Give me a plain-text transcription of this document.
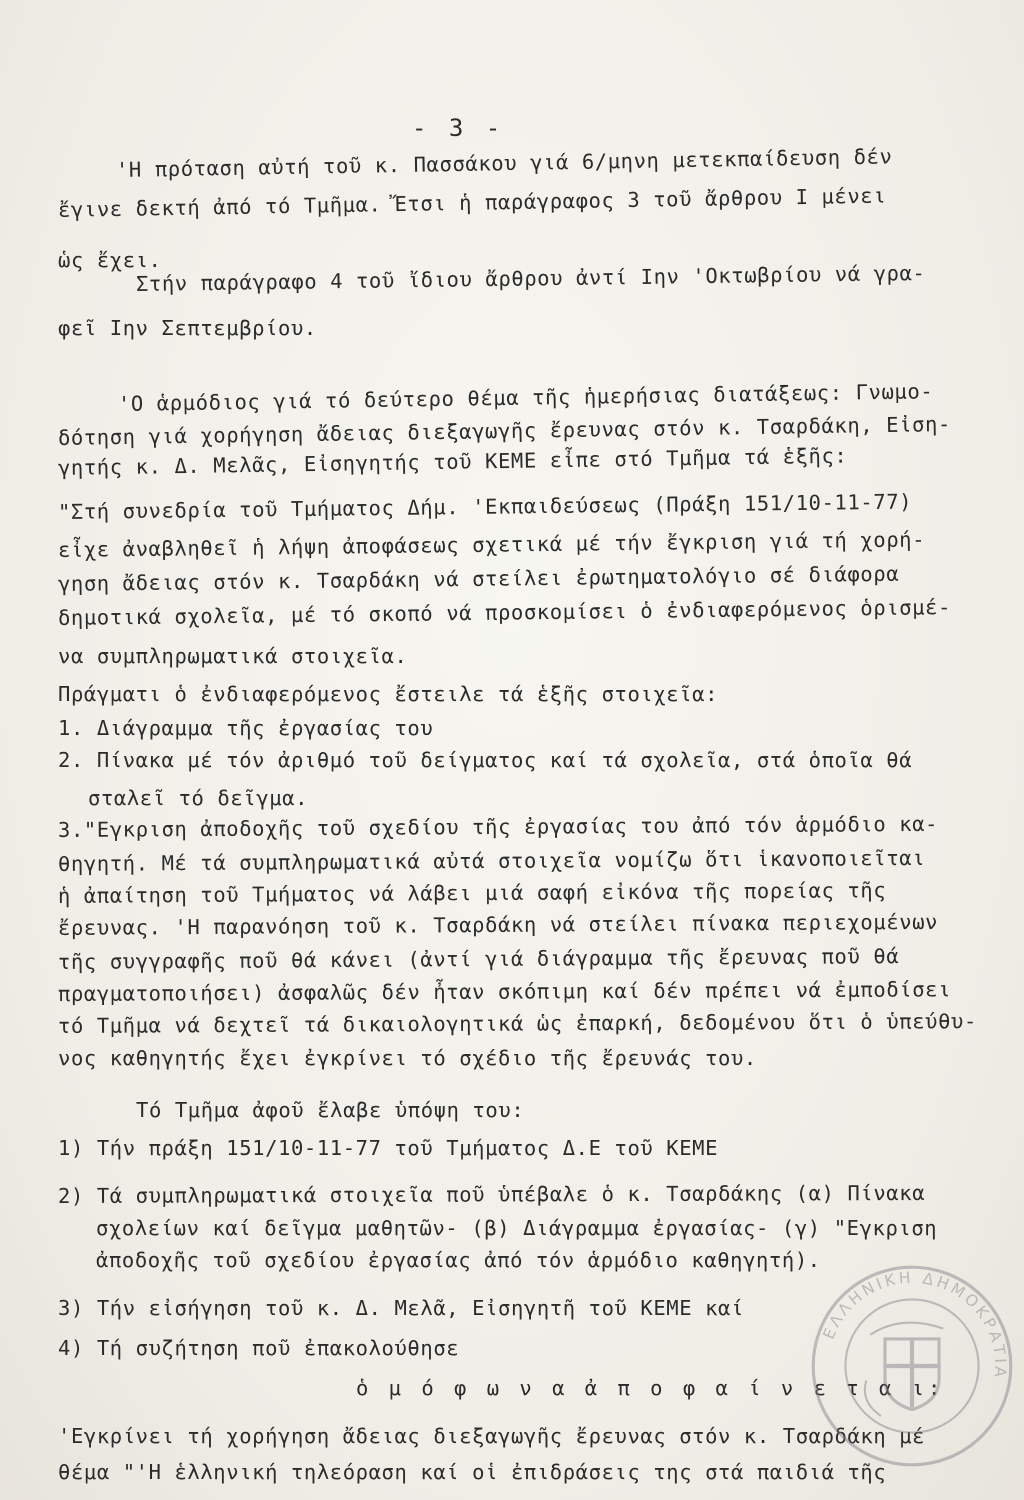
- 3 -
'Η πρόταση αὐτή τοῦ κ. Πασσάκου γιά 6/μηνη μετεκπαίδευση δέν
ἔγινε δεκτή ἀπό τό Τμῆμα. Ἔτσι ἡ παράγραφος 3 τοῦ ἄρθρου Ι μένει
ὡς ἔχει.
Στήν παράγραφο 4 τοῦ ἴδιου ἄρθρου ἀντί Ιην 'Οκτωβρίου νά γρα-
φεῖ Ιην Σεπτεμβρίου.
'Ο ἁρμόδιος γιά τό δεύτερο θέμα τῆς ἡμερήσιας διατάξεως: Γνωμο-
δότηση γιά χορήγηση ἄδειας διεξαγωγῆς ἔρευνας στόν κ. Τσαρδάκη, Εἰση-
γητής κ. Δ. Μελᾶς, Εἰσηγητής τοῦ ΚΕΜΕ εἶπε στό Τμῆμα τά ἑξῆς:
"Στή συνεδρία τοῦ Τμήματος Δήμ. 'Εκπαιδεύσεως (Πράξη 151/10-11-77)
εἶχε ἀναβληθεῖ ἡ λήψη ἀποφάσεως σχετικά μέ τήν ἔγκριση γιά τή χορή-
γηση ἄδειας στόν κ. Τσαρδάκη νά στείλει ἐρωτηματολόγιο σέ διάφορα
δημοτικά σχολεῖα, μέ τό σκοπό νά προσκομίσει ὁ ἐνδιαφερόμενος ὁρισμέ-
να συμπληρωματικά στοιχεῖα.
Πράγματι ὁ ἐνδιαφερόμενος ἔστειλε τά ἑξῆς στοιχεῖα:
1. Διάγραμμα τῆς ἐργασίας του
2. Πίνακα μέ τόν ἀριθμό τοῦ δείγματος καί τά σχολεῖα, στά ὁποῖα θά
σταλεῖ τό δεῖγμα.
3."Εγκριση ἀποδοχῆς τοῦ σχεδίου τῆς ἐργασίας του ἀπό τόν ἁρμόδιο κα-
θηγητή. Μέ τά συμπληρωματικά αὐτά στοιχεῖα νομίζω ὅτι ἱκανοποιεῖται
ἡ ἀπαίτηση τοῦ Τμήματος νά λάβει μιά σαφή εἰκόνα τῆς πορείας τῆς
ἔρευνας. 'Η παρανόηση τοῦ κ. Τσαρδάκη νά στείλει πίνακα περιεχομένων
τῆς συγγραφῆς ποῦ θά κάνει (ἀντί γιά διάγραμμα τῆς ἔρευνας ποῦ θά
πραγματοποιήσει) ἀσφαλῶς δέν ἦταν σκόπιμη καί δέν πρέπει νά ἐμποδίσει
τό Τμῆμα νά δεχτεῖ τά δικαιολογητικά ὡς ἐπαρκή, δεδομένου ὅτι ὁ ὑπεύθυ-
νος καθηγητής ἔχει ἐγκρίνει τό σχέδιο τῆς ἔρευνάς του.
Τό Τμῆμα ἀφοῦ ἔλαβε ὑπόψη του:
1) Τήν πράξη 151/10-11-77 τοῦ Τμήματος Δ.Ε τοῦ ΚΕΜΕ
2) Τά συμπληρωματικά στοιχεῖα ποῦ ὑπέβαλε ὁ κ. Τσαρδάκης (α) Πίνακα
σχολείων καί δεῖγμα μαθητῶν- (β) Διάγραμμα ἐργασίας- (γ) "Εγκριση
ἀποδοχῆς τοῦ σχεδίου ἐργασίας ἀπό τόν ἁρμόδιο καθηγητή).
3) Τήν εἰσήγηση τοῦ κ. Δ. Μελᾶ, Εἰσηγητῆ τοῦ ΚΕΜΕ καί
4) Τή συζήτηση ποῦ ἐπακολούθησε
ὁ μ ό φ ω ν α ἀ π ο φ α ί ν ε τ α ι:
'Εγκρίνει τή χορήγηση ἄδειας διεξαγωγῆς ἔρευνας στόν κ. Τσαρδάκη μέ
θέμα "'Η ἑλληνική τηλεόραση καί οἱ ἐπιδράσεις της στά παιδιά τῆς
ΕΛΛΗΝΙΚΗ ΔΗΜΟΚΡΑΤΙΑ
